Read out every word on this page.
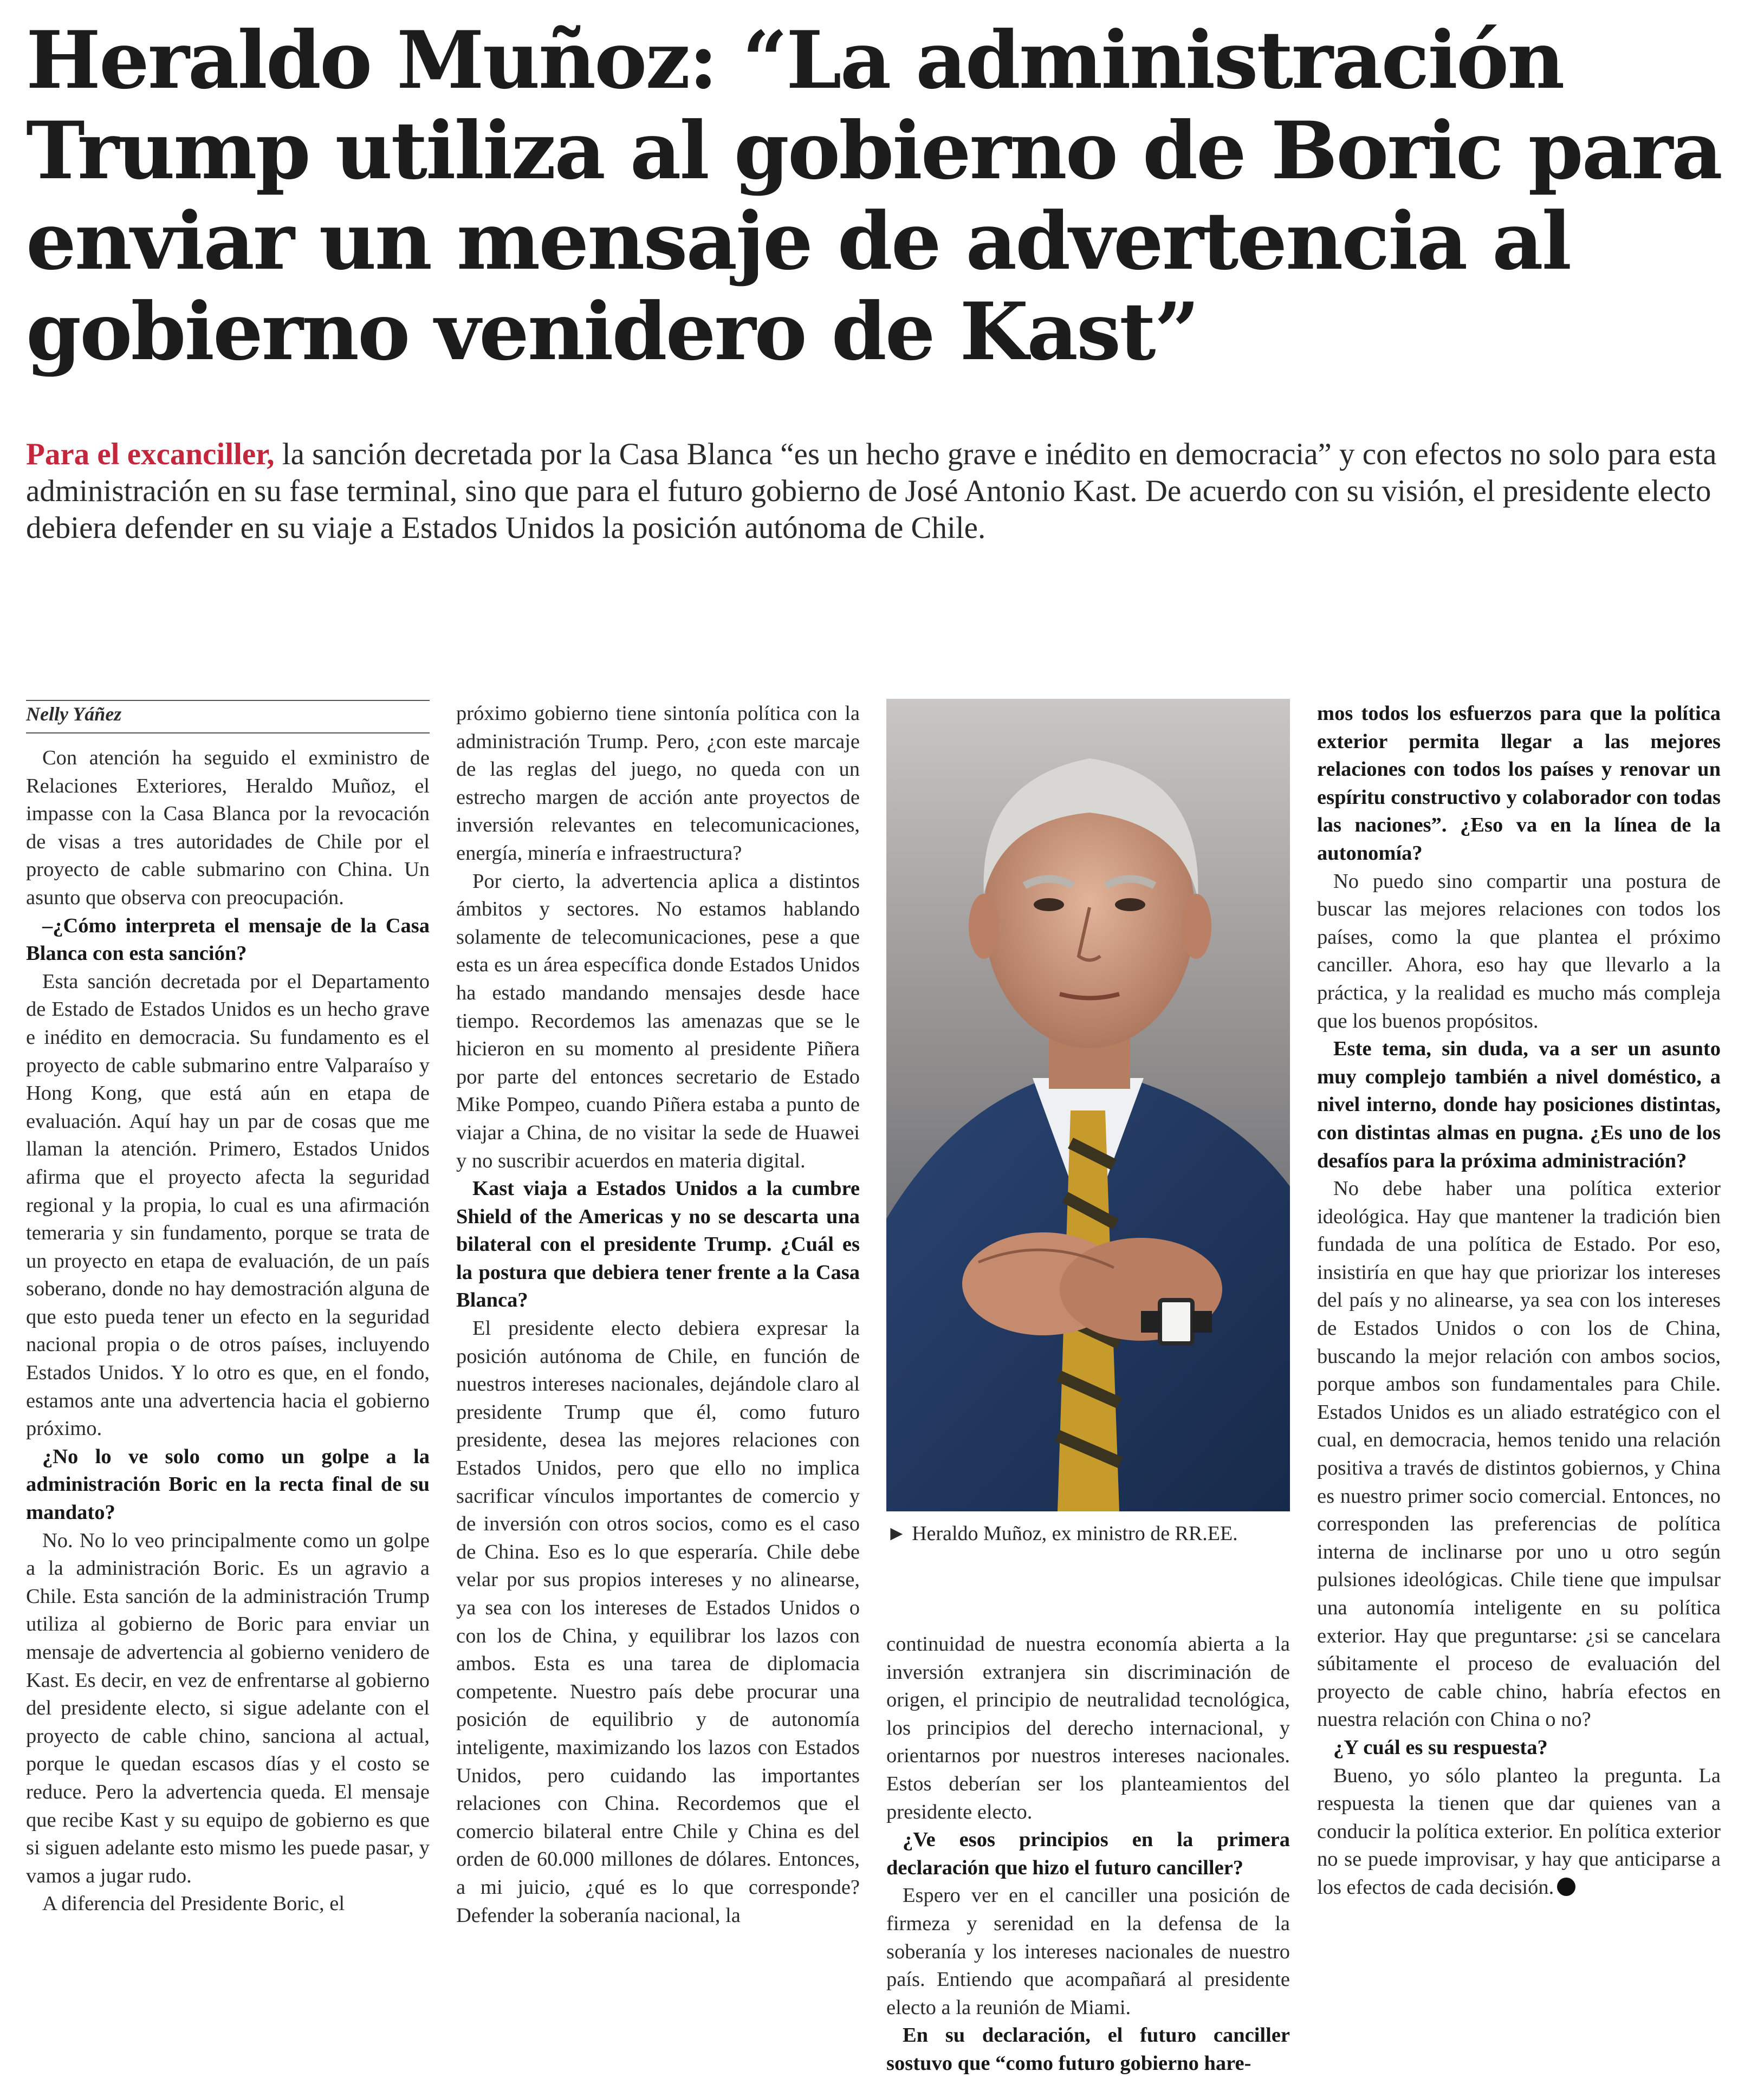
Heraldo Muñoz: “La administración Trump utiliza al gobierno de Boric para enviar un mensaje de advertencia al gobierno venidero de Kast”

Para el excanciller, la sanción decretada por la Casa Blanca “es un hecho grave e inédito en democracia” y con efectos no solo para esta administración en su fase terminal, sino que para el futuro gobierno de José Antonio Kast. De acuerdo con su visión, el presidente electo debiera defender en su viaje a Estados Unidos la posición autónoma de Chile.

Nelly Yáñez

Con atención ha seguido el exministro de Relaciones Exteriores, Heraldo Muñoz, el impasse con la Casa Blanca por la revocación de visas a tres autoridades de Chile por el proyecto de cable submarino con China. Un asunto que observa con preocupación.

–¿Cómo interpreta el mensaje de la Casa Blanca con esta sanción?

Esta sanción decretada por el Departamento de Estado de Estados Unidos es un hecho grave e inédito en democracia. Su fundamento es el proyecto de cable submarino entre Valparaíso y Hong Kong, que está aún en etapa de evaluación. Aquí hay un par de cosas que me llaman la atención. Primero, Estados Unidos afirma que el proyecto afecta la seguridad regional y la propia, lo cual es una afirmación temeraria y sin fundamento, porque se trata de un proyecto en etapa de evaluación, de un país soberano, donde no hay demostración alguna de que esto pueda tener un efecto en la seguridad nacional propia o de otros países, incluyendo Estados Unidos. Y lo otro es que, en el fondo, estamos ante una advertencia hacia el gobierno próximo.

¿No lo ve solo como un golpe a la administración Boric en la recta final de su mandato?

No. No lo veo principalmente como un golpe a la administración Boric. Es un agravio a Chile. Esta sanción de la administración Trump utiliza al gobierno de Boric para enviar un mensaje de advertencia al gobierno venidero de Kast. Es decir, en vez de enfrentarse al gobierno del presidente electo, si sigue adelante con el proyecto de cable chino, sanciona al actual, porque le quedan escasos días y el costo se reduce. Pero la advertencia queda. El mensaje que recibe Kast y su equipo de gobierno es que si siguen adelante esto mismo les puede pasar, y vamos a jugar rudo.

A diferencia del Presidente Boric, el

próximo gobierno tiene sintonía política con la administración Trump. Pero, ¿con este marcaje de las reglas del juego, no queda con un estrecho margen de acción ante proyectos de inversión relevantes en telecomunicaciones, energía, minería e infraestructura?

Por cierto, la advertencia aplica a distintos ámbitos y sectores. No estamos hablando solamente de telecomunicaciones, pese a que esta es un área específica donde Estados Unidos ha estado mandando mensajes desde hace tiempo. Recordemos las amenazas que se le hicieron en su momento al presidente Piñera por parte del entonces secretario de Estado Mike Pompeo, cuando Piñera estaba a punto de viajar a China, de no visitar la sede de Huawei y no suscribir acuerdos en materia digital.

Kast viaja a Estados Unidos a la cumbre Shield of the Americas y no se descarta una bilateral con el presidente Trump. ¿Cuál es la postura que debiera tener frente a la Casa Blanca?

El presidente electo debiera expresar la posición autónoma de Chile, en función de nuestros intereses nacionales, dejándole claro al presidente Trump que él, como futuro presidente, desea las mejores relaciones con Estados Unidos, pero que ello no implica sacrificar vínculos importantes de comercio y de inversión con otros socios, como es el caso de China. Eso es lo que esperaría. Chile debe velar por sus propios intereses y no alinearse, ya sea con los intereses de Estados Unidos o con los de China, y equilibrar los lazos con ambos. Esta es una tarea de diplomacia competente. Nuestro país debe procurar una posición de equilibrio y de autonomía inteligente, maximizando los lazos con Estados Unidos, pero cuidando las importantes relaciones con China. Recordemos que el comercio bilateral entre Chile y China es del orden de 60.000 millones de dólares. Entonces, a mi juicio, ¿qué es lo que corresponde? Defender la soberanía nacional, la

► Heraldo Muñoz, ex ministro de RR.EE.

continuidad de nuestra economía abierta a la inversión extranjera sin discriminación de origen, el principio de neutralidad tecnológica, los principios del derecho internacional, y orientarnos por nuestros intereses nacionales. Estos deberían ser los planteamientos del presidente electo.

¿Ve esos principios en la primera declaración que hizo el futuro canciller?

Espero ver en el canciller una posición de firmeza y serenidad en la defensa de la soberanía y los intereses nacionales de nuestro país. Entiendo que acompañará al presidente electo a la reunión de Miami.

En su declaración, el futuro canciller sostuvo que “como futuro gobierno hare-

mos todos los esfuerzos para que la política exterior permita llegar a las mejores relaciones con todos los países y renovar un espíritu constructivo y colaborador con todas las naciones”. ¿Eso va en la línea de la autonomía?

No puedo sino compartir una postura de buscar las mejores relaciones con todos los países, como la que plantea el próximo canciller. Ahora, eso hay que llevarlo a la práctica, y la realidad es mucho más compleja que los buenos propósitos.

Este tema, sin duda, va a ser un asunto muy complejo también a nivel doméstico, a nivel interno, donde hay posiciones distintas, con distintas almas en pugna. ¿Es uno de los desafíos para la próxima administración?

No debe haber una política exterior ideológica. Hay que mantener la tradición bien fundada de una política de Estado. Por eso, insistiría en que hay que priorizar los intereses del país y no alinearse, ya sea con los intereses de Estados Unidos o con los de China, buscando la mejor relación con ambos socios, porque ambos son fundamentales para Chile. Estados Unidos es un aliado estratégico con el cual, en democracia, hemos tenido una relación positiva a través de distintos gobiernos, y China es nuestro primer socio comercial. Entonces, no corresponden las preferencias de política interna de inclinarse por uno u otro según pulsiones ideológicas. Chile tiene que impulsar una autonomía inteligente en su política exterior. Hay que preguntarse: ¿si se cancelara súbitamente el proceso de evaluación del proyecto de cable chino, habría efectos en nuestra relación con China o no?

¿Y cuál es su respuesta?

Bueno, yo sólo planteo la pregunta. La respuesta la tienen que dar quienes van a conducir la política exterior. En política exterior no se puede improvisar, y hay que anticiparse a los efectos de cada decisión.
